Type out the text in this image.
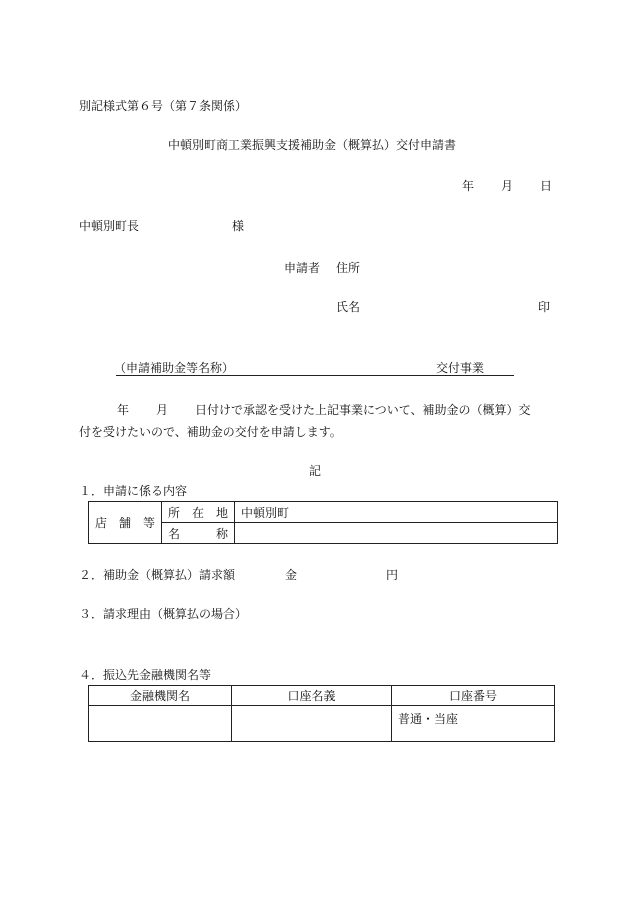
別記様式第６号（第７条関係）
中頓別町商工業振興支援補助金（概算払）交付申請書
年 月 日
中頓別町長	様
申請者 住所
氏名	印
（申請補助金等名称）	交付事業
年 月 日付けで承認を受けた上記事業について、補助金の（概算）交
付を受けたいので、補助金の交付を申請します。
記
１．申請に係る内容
店　舗　等	所　在　地	中頓別町
	名　　　称	
２．補助金（概算払）請求額	金	円
３．請求理由（概算払の場合）
４．振込先金融機関名等
金融機関名	口座名義	口座番号
		普通・当座
